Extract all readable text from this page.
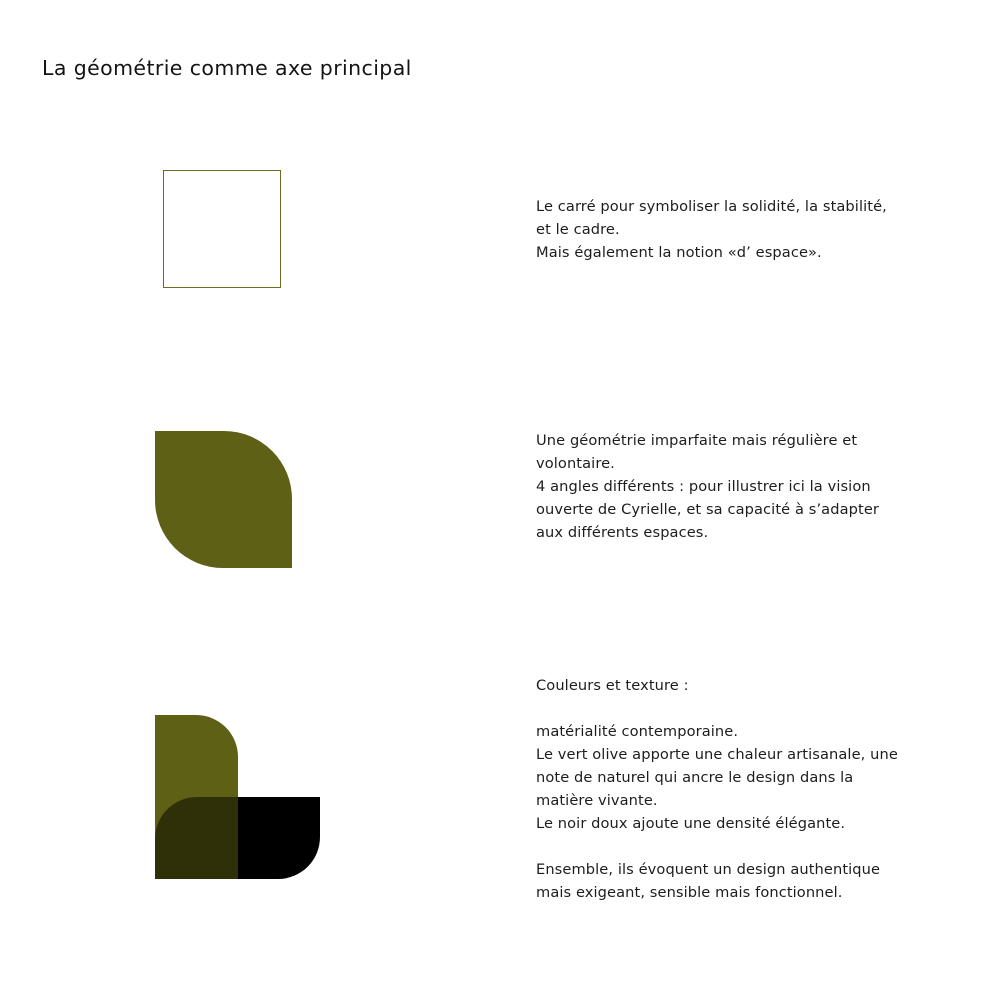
La géométrie comme axe principal

Le carré pour symboliser la solidité, la stabilité,

et le cadre.

Mais également la notion «d’ espace».

Une géométrie imparfaite mais régulière et

volontaire.

4 angles différents : pour illustrer ici la vision

ouverte de Cyrielle, et sa capacité à s’adapter

aux différents espaces.

Couleurs et texture :

matérialité contemporaine.

Le vert olive apporte une chaleur artisanale, une

note de naturel qui ancre le design dans la

matière vivante.

Le noir doux ajoute une densité élégante.

Ensemble, ils évoquent un design authentique

mais exigeant, sensible mais fonctionnel.
